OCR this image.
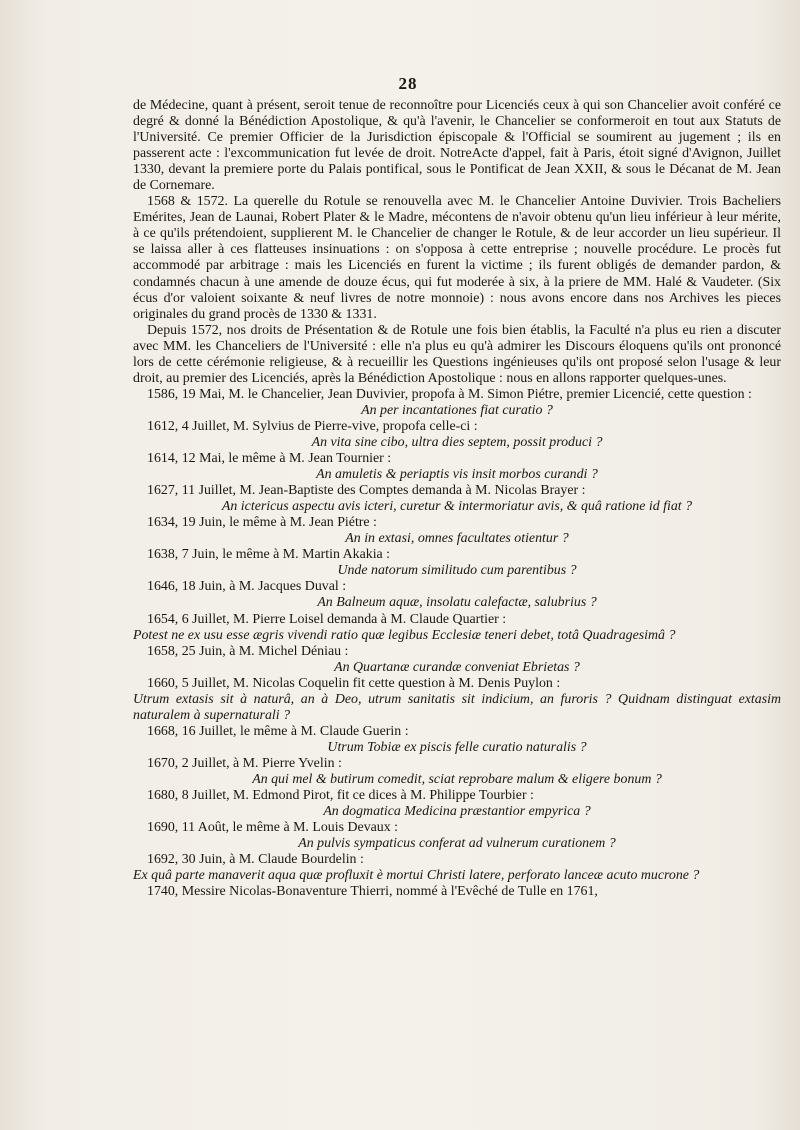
28

de Médecine, quant à présent, seroit tenue de reconnoître pour Licenciés ceux à qui son Chancelier avoit conféré ce degré & donné la Bénédiction Apostolique, & qu'à l'avenir, le Chancelier se conformeroit en tout aux Statuts de l'Université. Ce premier Officier de la Jurisdiction épiscopale & l'Official se soumirent au jugement ; ils en passerent acte : l'excommunication fut levée de droit. NotreActe d'appel, fait à Paris, étoit signé d'Avignon, Juillet 1330, devant la premiere porte du Palais pontifical, sous le Pontificat de Jean XXII, & sous le Décanat de M. Jean de Cornemare.

1568 & 1572. La querelle du Rotule se renouvella avec M. le Chancelier Antoine Duvivier. Trois Bacheliers Emérites, Jean de Launai, Robert Plater & le Madre, mécontens de n'avoir obtenu qu'un lieu inférieur à leur mérite, à ce qu'ils prétendoient, supplierent M. le Chancelier de changer le Rotule, & de leur accorder un lieu supérieur. Il se laissa aller à ces flatteuses insinuations : on s'opposa à cette entreprise ; nouvelle procédure. Le procès fut accommodé par arbitrage : mais les Licenciés en furent la victime ; ils furent obligés de demander pardon, & condamnés chacun à une amende de douze écus, qui fut moderée à six, à la priere de MM. Halé & Vaudeter. (Six écus d'or valoient soixante & neuf livres de notre monnoie) : nous avons encore dans nos Archives les pieces originales du grand procès de 1330 & 1331.

Depuis 1572, nos droits de Présentation & de Rotule une fois bien établis, la Faculté n'a plus eu rien a discuter avec MM. les Chanceliers de l'Université : elle n'a plus eu qu'à admirer les Discours éloquens qu'ils ont prononcé lors de cette cérémonie religieuse, & à recueillir les Questions ingénieuses qu'ils ont proposé selon l'usage & leur droit, au premier des Licenciés, après la Bénédiction Apostolique : nous en allons rapporter quelques-unes.

1586, 19 Mai, M. le Chancelier, Jean Duvivier, propofa à M. Simon Piétre, premier Licencié, cette question :

An per incantationes fiat curatio ?

1612, 4 Juillet, M. Sylvius de Pierre-vive, propofa celle-ci :

An vita sine cibo, ultra dies septem, possit produci ?

1614, 12 Mai, le même à M. Jean Tournier :

An amuletis & periaptis vis insit morbos curandi ?

1627, 11 Juillet, M. Jean-Baptiste des Comptes demanda à M. Nicolas Brayer :

An ictericus aspectu avis icteri, curetur & intermoriatur avis, & quâ ratione id fiat ?

1634, 19 Juin, le même à M. Jean Piétre :

An in extasi, omnes facultates otientur ?

1638, 7 Juin, le même à M. Martin Akakia :

Unde natorum similitudo cum parentibus ?

1646, 18 Juin, à M. Jacques Duval :

An Balneum aquæ, insolatu calefactæ, salubrius ?

1654, 6 Juillet, M. Pierre Loisel demanda à M. Claude Quartier :

Potest ne ex usu esse ægris vivendi ratio quæ legibus Ecclesiæ teneri debet, totâ Quadragesimâ ?

1658, 25 Juin, à M. Michel Déniau :

An Quartanæ curandæ conveniat Ebrietas ?

1660, 5 Juillet, M. Nicolas Coquelin fit cette question à M. Denis Puylon :

Utrum extasis sit à naturâ, an à Deo, utrum sanitatis sit indicium, an furoris ? Quidnam distinguat extasim naturalem à supernaturali ?

1668, 16 Juillet, le même à M. Claude Guerin :

Utrum Tobiæ ex piscis felle curatio naturalis ?

1670, 2 Juillet, à M. Pierre Yvelin :

An qui mel & butirum comedit, sciat reprobare malum & eligere bonum ?

1680, 8 Juillet, M. Edmond Pirot, fit ce dices à M. Philippe Tourbier :

An dogmatica Medicina præstantior empyrica ?

1690, 11 Août, le même à M. Louis Devaux :

An pulvis sympaticus conferat ad vulnerum curationem ?

1692, 30 Juin, à M. Claude Bourdelin :

Ex quâ parte manaverit aqua quæ profluxit è mortui Christi latere, perforato lanceæ acuto mucrone ?

1740, Messire Nicolas-Bonaventure Thierri, nommé à l'Evêché de Tulle en 1761,
